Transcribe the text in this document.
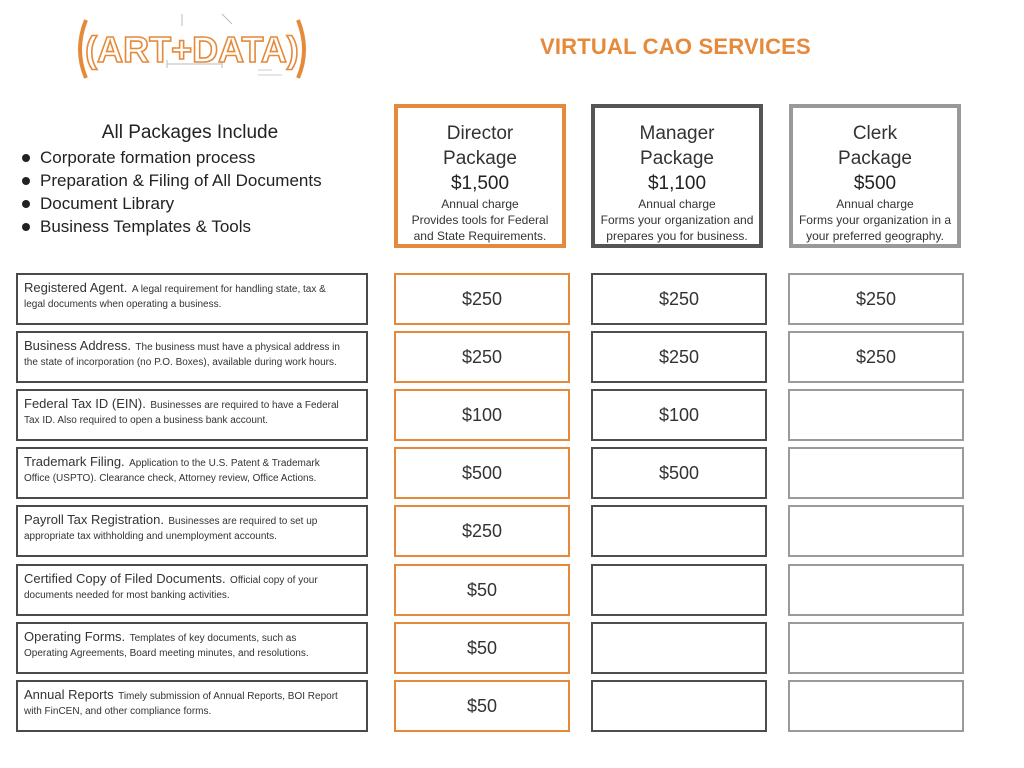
(ART+DATA)	VIRTUAL CAO SERVICES
All Packages Include
Corporate formation process
Preparation & Filing of All Documents
Document Library
Business Templates & Tools
Director
Package
$1,500
Annual charge
Provides tools for Federal
and State Requirements.
Manager
Package
$1,100
Annual charge
Forms your organization and
prepares you for business.
Clerk
Package
$500
Annual charge
Forms your organization in a
your preferred geography.
Registered Agent. A legal requirement for handling state, tax &
legal documents when operating a business.
Business Address. The business must have a physical address in
the state of incorporation (no P.O. Boxes), available during work hours.
Federal Tax ID (EIN). Businesses are required to have a Federal
Tax ID. Also required to open a business bank account.
Trademark Filing. Application to the U.S. Patent & Trademark
Office (USPTO). Clearance check, Attorney review, Office Actions.
Payroll Tax Registration. Businesses are required to set up
appropriate tax withholding and unemployment accounts.
Certified Copy of Filed Documents. Official copy of your
documents needed for most banking activities.
Operating Forms. Templates of key documents, such as
Operating Agreements, Board meeting minutes, and resolutions.
Annual Reports Timely submission of Annual Reports, BOI Report
with FinCEN, and other compliance forms.
$250
$250
$100
$500
$250
$50
$50
$50
$250
$250
$100
$500
$250
$250
